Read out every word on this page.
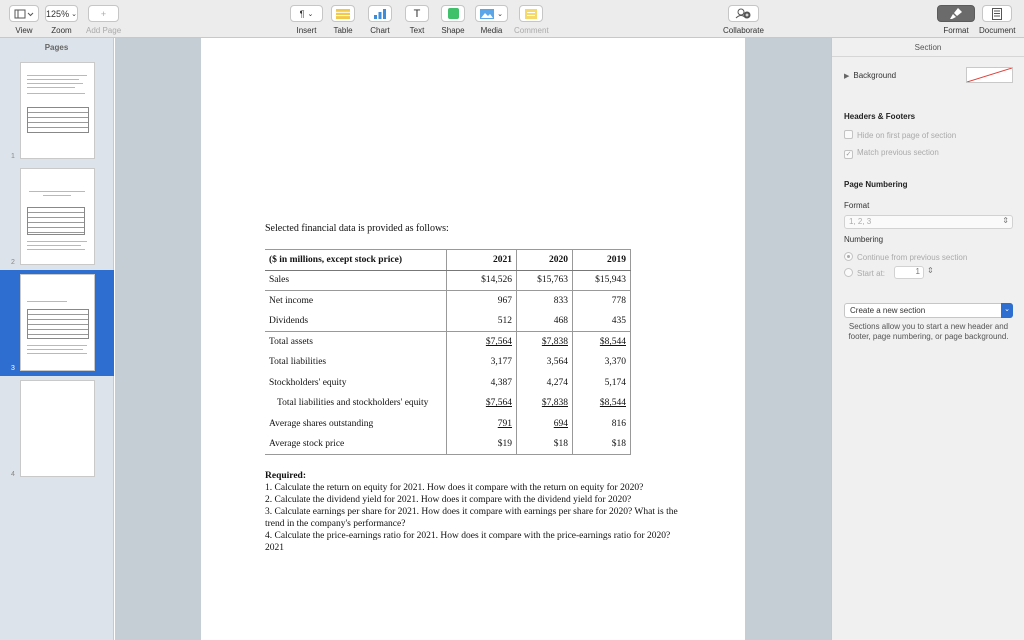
View
125% ⌄
Zoom
+
Add Page
¶ ⌄
Insert Table Chart
T
Text Shape
⌄
Media Comment	Collaborate	Format Document
Pages
1
2
3
4
Selected financial data is provided as follows:
($ in millions, except stock price)	2021	2020	2019
Sales	$14,526	$15,763	$15,943
Net income	967	833	778
Dividends	512	468	435
Total assets	$7,564	$7,838	$8,544
Total liabilities	3,177	3,564	3,370
Stockholders' equity	4,387	4,274	5,174
Total liabilities and stockholders' equity	$7,564	$7,838	$8,544
Average shares outstanding	791	694	816
Average stock price	$19	$18	$18
Required:
1. Calculate the return on equity for 2021. How does it compare with the return on equity for 2020?
2. Calculate the dividend yield for 2021. How does it compare with the dividend yield for 2020?
3. Calculate earnings per share for 2021. How does it compare with earnings per share for 2020? What is the trend in the company's performance?
4. Calculate the price-earnings ratio for 2021. How does it compare with the price-earnings ratio for 2020? 2021
Section
▶ Background
Headers & Footers
Hide on first page of section
✓ Match previous section
Page Numbering
Format
1, 2, 3	⇕
Numbering
Continue from previous section
Start at:	1 ⇕
Create a new section	⌄
Sections allow you to start a new header and footer, page numbering, or page background.
